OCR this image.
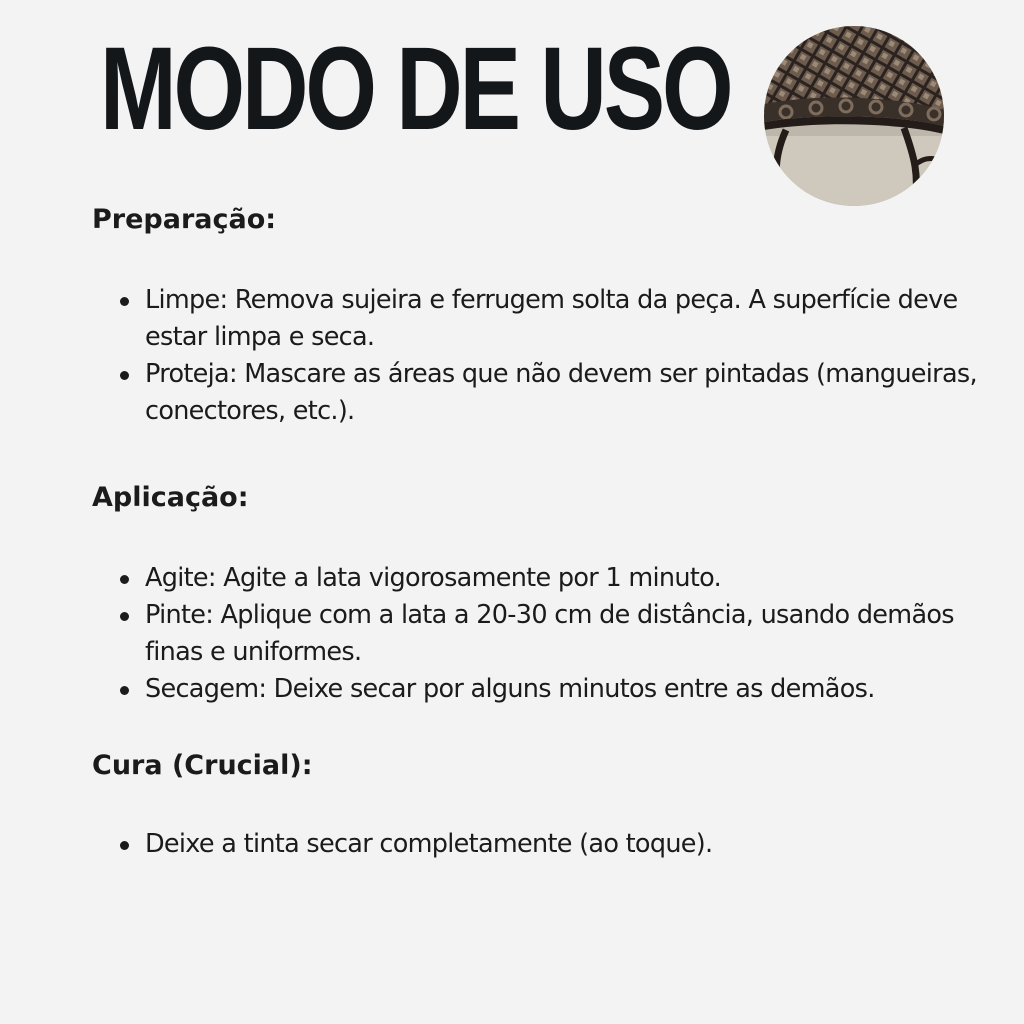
MODO DE USO
Preparação:
Limpe: Remova sujeira e ferrugem solta da peça. A superfície deve estar limpa e seca.
Proteja: Mascare as áreas que não devem ser pintadas (mangueiras, conectores, etc.).
Aplicação:
Agite: Agite a lata vigorosamente por 1 minuto.
Pinte: Aplique com a lata a 20-30 cm de distância, usando demãos finas e uniformes.
Secagem: Deixe secar por alguns minutos entre as demãos.
Cura (Crucial):
Deixe a tinta secar completamente (ao toque).
